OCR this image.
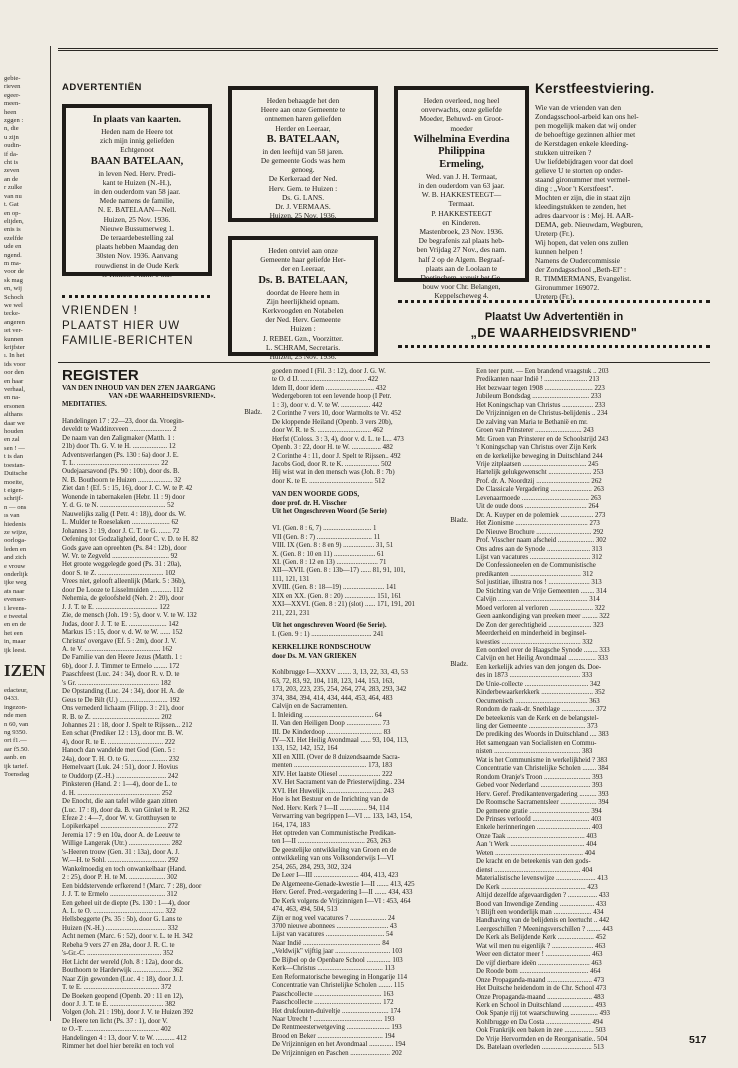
gebie-
rieven
egeer-
meen-
heen
zggen :
n, die
u zijn
oudin-
if da-
cht is
zeven
an de
r zulke
van nu
t. Gat
en op-
elijden,
enis is
ezelfde
ude en
ngend.
m ma-
voor de
sk mag
en, wij
Schoch
we wel
tecke-
angeren
ıet ver-
kunnen
krijfster
ı. In het
ids voor
oor den
en haar
verhaal,
en na-
ersonen
althans
daar we
houden
en zal
sen ! —
t is dan
toestan-
Duitsche
moeite,
t eigen-
schrijf-
n — ons
ıs van
hiedenis
ze wijze,
oorloga-
leden en
and zich
e vrouw
onderlijk
ijke weg
ats naar
evenser-
i levens-
e tweetal
en en de
het een
in, maar
ijk leest.
IZEN
edacteur,
0433.
ingezon-
nde men
n 60, van
ng 9350.
ort f1.—
aar f5.50.
aanb. en
ijk tarief.
Toensdag
ADVERTENTIËN
In plaats van kaarten.
Heden nam de Heere tot
zich mijn innig geliefden
Echtgenoot
BAAN BATELAAN,
in leven Ned. Herv. Predi-
kant te Huizen (N.-H.),
in den ouderdom van 58 jaar.
Mede namens de familie,
N. E. BATELAAN—Nell.
Huizen, 25 Nov. 1936.
Nieuwe Bussumerweg 1.
De teraardebestelling zal
plaats hebben Maandag den
30sten Nov. 1936. Aanvang
rouwdienst in de Oude Kerk
te Huizen 's nam. 1 uur.
Heden behaagde het den
Heere aan onze Gemeente te
ontnemen haren geliefden
Herder en Leeraar,
B. BATELAAN,
in den leeftijd van 58 jaren.
De gemeente Gods was hem
genoeg.
De Kerkeraad der Ned.
Herv. Gem. te Huizen :
Ds. G. LANS.
Dr. J. VERMAAS.
Huizen, 25 Nov. 1936.
Heden ontviel aan onze
Gemeente haar geliefde Her-
der en Leeraar,
Ds. B. BATELAAN,
doordat de Heere hem in
Zijn heerlijkheid opnam.
Kerkvoogden en Notabelen
der Ned. Herv. Gemeente
Huizen :
J. REBEL Gzn., Voorzitter.
L. SCHRAM, Secretaris.
Huizen, 25 Nov. 1936.
Heden overleed, nog heel
onverwachts, onze geliefde
Moeder, Behuwd- en Groot-
moeder
Wilhelmina Everdina Philippina
Ermeling,
Wed. van J. H. Termaat,
in den ouderdom van 63 jaar.
W. B. HAKKESTEEGT—
Termaat.
P. HAKKESTEEGT
en Kinderen.
Mastenbroek, 23 Nov. 1936.
De begrafenis zal plaats heb-
ben Vrijdag 27 Nov., des nam.
half 2 op de Algem. Begraaf-
plaats aan de Loolaan te
Doetinchem, vanuit het Ge-
bouw voor Chr. Belangen,
Keppelscheweg 4.
VRIENDEN !
PLAATST HIER UW
FAMILIE-BERICHTEN
Kerstfeestviering.
Wie van de vrienden van den
Zondagsschool-arbeid kan ons hel-
pen mogelijk maken dat wij onder
de behoeftige gezinnen alhier met
de Kerstdagen enkele kleeding-
stukken uitreiken ?
Uw liefdebijdragen voor dat doel
gelieve U te storten op onder-
staand gironummer met vermel-
ding : „Voor 't Kerstfeest".
Mochten er zijn, die in staat zijn
kleedingstukken te zenden, het
adres daarvoor is : Mej. H. AAR-
DEMA, geb. Nieuwdam, Wegburen,
Ureterp (Fr.).
Wij hopen, dat velen ons zullen
kunnen helpen !
Namens de Oudercommissie
der Zondagsschool „Beth-El" :
R. TIMMERMANS, Evangelist.
Gironummer 169072.
Ureterp (Fr.).
Plaatst Uw Advertentiën in
„DE WAARHEIDSVRIEND"
REGISTER
VAN DEN INHOUD VAN DEN 27EN JAARGANG
VAN »DE WAARHEIDSVRIEND«.
MEDITATIES.
Bladz.
Handelingen 17 : 22—23, door da. Vroegin-
develdt te Waddinxveen ........................ 2
De naam van den Zaligmaker (Matth. 1 :
21b) door Th. G. V. te H. .................... 12
Adventsverlangen (Ps. 130 : 6a) door J. E.
T. L. ................................................ 22
Oudejaarsavond (Ps. 90 : 10b), door ds. B.
N. B. Bouthoorn te Huizen .................... 32
Ziet dan ! (Ef. 5 : 15, 16), door J. C. W. te P. 42
Wonende in tabernakelen (Hebr. 11 : 9) door
Y. d. G. te N. ...................................... 52
Nauwelijks zalig (I Petr. 4 : 18)), door ds. W.
L. Mulder te Roeselaken ...................... 62
Johannes 3 : 19, door J. C. T. te G. ....... 72
Oefening tot Godzaligheid, door C. v. D. te H. 82
Gods gave aan opreehten (Ps. 84 : 12b), door
W. Vr. te Zegveld ................................. 92
Het groote weggelegde goed (Ps. 31 : 20a),
door S. te Z. ...................................... 102
Vrees niet, gelooft alleenlijk (Mark. 5 : 36b),
door De Looze te Lisselmuiden ............ 112
Nehemia, de geloofsheld (Neh. 2 : 20), door
J. J. T. te E. .................................... 122
Zie, de mensch (Joh. 19 : 5), door v. V. te W. 132
Judas, door J. J. T. te E. ...................... 142
Markus 15 : 15, door v. d. W. te W. ...... 152
Christus' overgave (Ef. 5 : 2m), door J. V.
A. te V. ............................................ 162
De Familie van den Heere Jezus (Matth. 1 :
6b), door J. J. Timmer te Ermelo ........ 172
Paaschfeest (Luc. 24 : 34), door R. v. D. te
's Gr. ............................................... 182
De Opstanding (Luc. 24 : 34), door H. A. de
Geus te De Bilt (U.) ............................ 192
Ons vernederd lichaam (Filipp. 3 : 21), door
R. B. te Z. ....................................... 202
Johannes 21 : 18, door J. Spelt te Rijssen... 212
Een schat (Prediker 12 : 13), door mr. B. W.
4), door R. te E. ................................ 222
Hanoch dan wandelde met God (Gen. 5 :
24a), door T. H. O. te G. ..................... 232
Hemelvaart (Luk. 24 : 51), door J. Hovius
te Ouddorp (Z.-H.) ............................. 242
Pinksteren (Hand. 2 : 1—4), door de L. te
d. H. ................................................ 252
De Enocht, die aan tafel wilde gaan zitten
(Luc. 17 : 8), door da. B. van Ginkel te R. 262
Efeze 2 : 4—7, door W. v. Grotthuysen te
Lopikerkapel ...................................... 272
Jeremia 17 : 9 en 10a, door A. de Leeuw te
Willige Langerak (Utr.) ........................ 282
's-Heeren trouw (Gen. 31 : 13a), door A. J.
W.—H. te Sohl. .................................. 292
Wankelmoedig en toch onwankelbaar (Hand.
2 : 25), door P. H. te M. ..................... 302
Een biddstervende erfkerend ! (Marc. 7 : 28), door
J. J. T. te Ermelo ................................ 312
Een geheel uit de diepte (Ps. 130 : 1—4), door
A. L. te O. ......................................... 322
Hellsbeggerte (Ps. 35 : 5b), door G. Lans te
Huizen (N.-H.) ................................... 332
Acht nemen (Marc. 6 : 52), door v. L. te H. 342
Rebeha 9 vers 27 en 28a, door J. R. C. te
's-Gr.-C. ........................................... 352
Het Licht der wereld (Joh. 8 : 12a), door ds.
Bouthoorn te Harderwijk ...................... 362
Naar Zijn gewonden (Luc. 4 : 18), door J. J.
T. te E. ............................................ 372
De Boeken geopend (Openb. 20 : 11 en 12),
door J. J. T. te E. ............................... 382
Volgen (Joh. 21 : 19b), door J. V. te Huizen 392
De Heere ten licht (Ps. 37 : 1), door V.
te O.-T. ........................................... 402
Handelingen 4 : 13, door V. te W. ........... 412
Rimmer het doel hier bereikt en toch vol
goeden moed I (Fil. 3 : 12), door J. G. W.
te O. d IJ. ...................................... 422
Idem II, door idem ............................ 432
Wedergeboren tot een levende hoop (I Petr.
1 : 3), door v. d. V. te W. ................. 442
2 Corinthe 7 vers 10, door Warmolts te Vr. 452
De kloppende Heiland (Openb. 3 vers 20b),
door W. R. te S. ............................... 462
Herfst (Coloss. 3 : 3, 4), door v. d. L. te L... 473
Openb. 3 : 22, door H. te W. ................. 482
2 Corinthe 4 : 11, door J. Spelt te Rijssen.. 492
Jacobs God, door R. te K. .................... 502
Hij wist wat in den mensch was (Joh. 8 : 7b)
door K. te E. ..................................... 512
VAN DEN WOORDE GODS,
door prof. dr. H. Visscher
Uit het Ongeschreven Woord (5e Serie)
Bladz.
VI. (Gen. 8 : 6, 7) ............................ 1
VII (Gen. 8 : 7) ................................ 11
VIII. IX (Gen. 8 : 8 en 9) .................. 31, 51
X. (Gen. 8 : 10 en 11) ........................ 61
XI. (Gen. 8 : 12 en 13) ........................ 71
XII—XVII. (Gen. 8 : 13b—17) ...... 81, 91, 101,
111, 121, 131
XVIII. (Gen. 8 : 18—19) ........................ 141
XIX en XX. (Gen. 8 : 20) .................. 151, 161
XXI—XXVI. (Gen. 8 : 21) (slot) ...... 171, 191, 201
211, 221, 231
Uit het ongeschreven Woord (6e Serie).
I. (Gen. 9 : 1) ................................... 241
KERKELIJKE RONDSCHOUW
door Ds. M. VAN GRIEKEN
Bladz.
Kohlbrugge I—XXXV ........ 3, 13, 22, 33, 43, 53
63, 72, 83, 92, 104, 118, 123, 144, 153, 163,
173, 203, 223, 235, 254, 264, 274, 283, 293, 342
374, 384, 394, 414, 434, 444, 453, 464, 483
Calvijn en de Sacramenten.
I. Inleiding ........................................ 64
II. Van den Heiligen Doop .................... 73
III. De Kinderdoop ................................ 83
IV—XI. Het Heilig Avondmaal ...... 93, 104, 113,
133, 152, 142, 152, 164
XII en XIII. (Over de 8 duizendsaamde Sacra-
menten .......................................... 173, 183
XIV. Het laatste Oliesel ........................ 222
XV. Het Sacrament van de Priesterwijding.. 234
XVI. Het Huwelijk ................................ 243
Hoe is het Bestuur en de Inrichting van de
Ned. Herv. Kerk ? I—II ................ 94, 114
Verwarring van begrippen I—VI .... 133, 143, 154,
164, 174, 183
Het optreden van Communistische Predikan-
ten I—II ....................................... 263, 263
De geestelijke ontwikkeling van Groen en de
ontwikkeling van ons Volksonderwijs I—VI
254, 265, 284, 293, 302, 324
De Leer I—III .......................... 404, 413, 423
De Algemeene-Genade-kwestie I—II ....... 413, 425
Herv. Geref. Pred.-vergadering I—II ....... 434, 433
De Kerk volgens de Vrijzinnigen I—VI : 453, 464
474, 463, 494, 504, 513
Zijn er nog veel vacatures ? ..................... 24
3700 nieuwe abonnees .............................. 43
Lijst van vacatures .................................. 54
Naar Indië ............................................. 84
„Veldwijk" vijftig jaar ................................ 103
De Bijbel op de Openbare School .............. 103
Kerk—Christus ...................................... 113
Een Reformatorische beweging in Hongarije 114
Concentratie van Christelijke Scholen ........ 115
Paaschcollecte ....................................... 163
Paaschcollecte ....................................... 172
Het drukfouten-duiveltje ........................... 174
Naar Utrecht ! ........................................ 193
De Rentmeesterwetgeving ......................... 193
Brood en Beker ...................................... 194
De Vrijzinnigen en het Avondmaal .............. 194
De Vrijzinnigen en Paschen ....................... 202
Een teer punt. — Een brandend vraagstuk .. 203
Predikanten naar Indië ! ......................... 213
Het bezwaar tegen 1908 ............................ 223
Jubileum Bondsdag ................................. 233
Het Koningschap van Christus .................. 233
De Vrijzinnigen en de Christus-belijdenis .. 234
De zalving van Maria te Bethanië en mr.
Groen van Prinsterer ........................... 243
Mr. Groen van Prinsterer en de Schoolstrijd 243
't Koningschap van Christus over Zijn Kerk
en de kerkelijke beweging in Duitschland 244
Vrije zitplaatsen ..................................... 245
Hartelijk gelukgewenscht ......................... 253
Prof. dr. A. Noordtzij ............................... 262
De Classicale Vergadering ........................ 263
Levenaarmoede ....................................... 263
Uit de oude doos .................................... 264
Dr. A. Kuyper en de polemiek ................... 273
Het Zionisme .......................................... 273
De Nieuwe Brochure ................................ 292
Prof. Visscher naam afscheid ..................... 302
Ons adres aan de Synode ......................... 313
Lijst van vacatures ................................... 312
De Confessioneelen en de Communistische
predikanten ......................................... 312
Sol justitiae, illustra nos ! ........................ 313
De Stichting van de Vrije Gemeenten ........ 314
Calvijn .................................................... 314
Moed verloren al verloren ......................... 322
Geen aankondiging van preeken meer ......... 322
De Zon der gerechtigheid ......................... 323
Meerderheid en minderheid in beginsel-
kwesties .............................................. 332
Een oordeel over de Haagsche Synode ........ 333
Calvijn en het Heilig Avondmaal ................ 333
Een kerkelijk advies van den jongen ds. Doe-
des in 1873 ......................................... 333
De Unie-collecte ..................................... 342
Kinderbewaarkerkkerk .............................. 352
Oecumenisch .......................................... 363
Rondom de raak-dr. Snethlage ................... 372
De beteekenis van de Kerk en de belangstel-
ling der Gemeente ................................. 373
De prediking des Woords in Duitschland .... 383
Het samengaan van Socialisten en Commu-
nisten .................................................. 383
Wat is het Communisme in werkelijkheid ? 383
Concentratie van Christelijke Scholen ........ 384
Rondom Oranje's Troon ........................... 393
Gebed voor Nederland ............................. 393
Herv. Geref. Predikantenvergadering .......... 393
De Roomsche Sacramentsleer ..................... 394
De gemeene gratie ................................... 394
De Prinses verloofd ................................. 403
Enkele herinneringen ............................... 403
Onze Taak ............................................. 403
Aan 't Werk ........................................... 404
Weten ................................................... 404
De kracht en de beteekenis van den gods-
dienst .................................................. 404
Materialistische levenswijze ....................... 413
De Kerk ................................................. 423
Altijd dezelfde afgevaardigden ? ................. 433
Bood van Inwendige Zending .................... 433
't Blijft een wonderlijk man ...................... 434
Handhaving van de belijdenis en leertucht .. 442
Leergeschillen ? Meeningsverschillen ? ........ 443
De Kerk als Belijdende Kerk ..................... 452
Wat wil men nu eigenlijk ? ........................ 463
Weer een dictator meer ! .......................... 463
De vijf dierbare ideën .............................. 463
De Roode bom ........................................ 464
Onze Propaganda-maand .......................... 473
Het Duitsche heidendom in de Chr. School 473
Onze Propaganda-maand .......................... 483
Kerk en School in Duitschland .................. 493
Ook Spanje rijj tot waarschuwing ................ 493
Kohlbrugge en Da Costa .......................... 494
Ook Frankrijk een baken in zee ................. 503
De Vrije Hervormden en de Reorganisatie.. 504
Ds. Batelaan overleden ............................. 513
517
